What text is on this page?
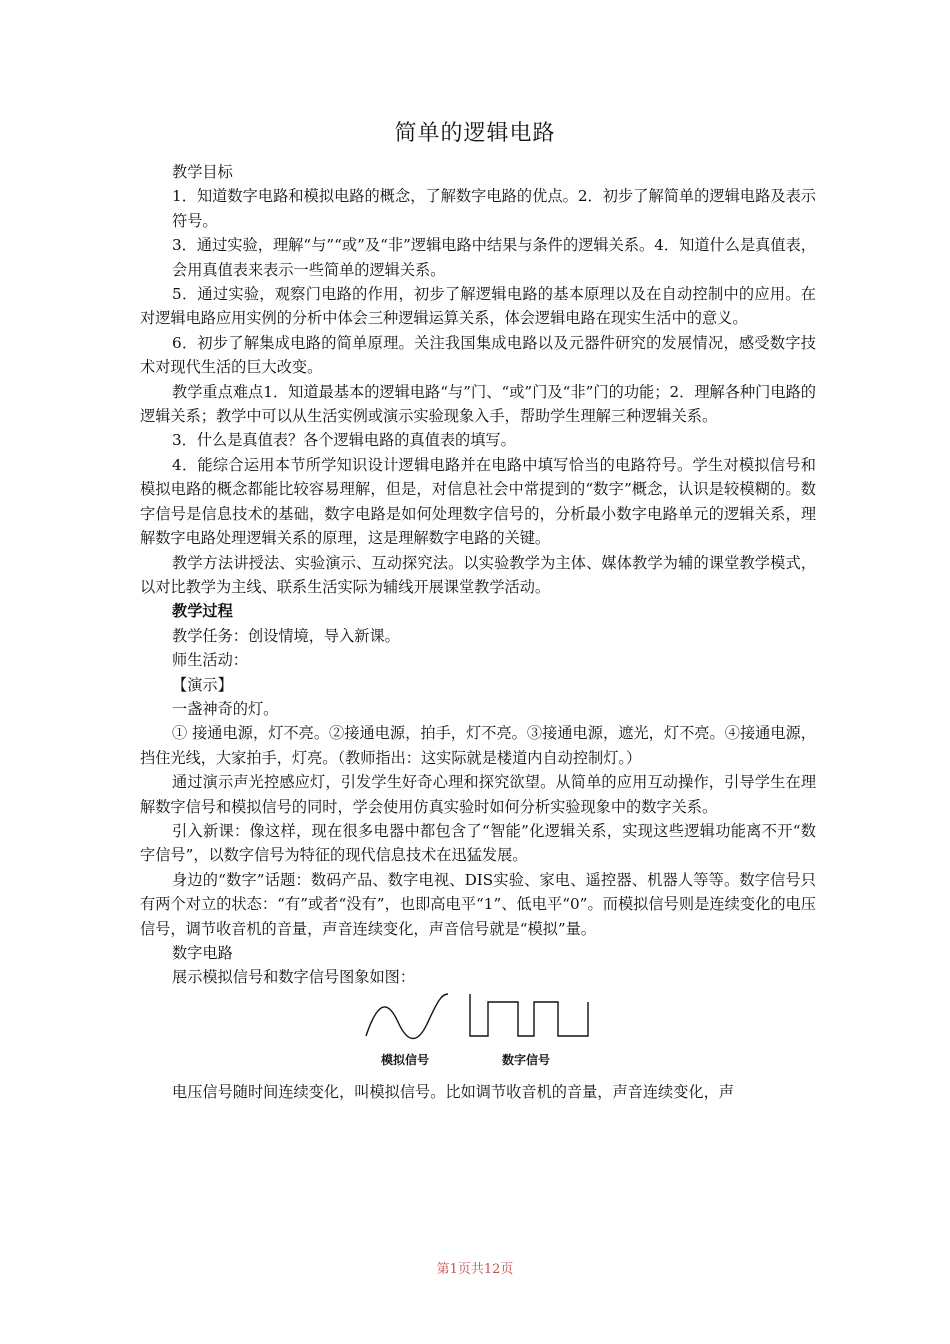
简单的逻辑电路

教学目标

1．知道数字电路和模拟电路的概念，了解数字电路的优点。2．初步了解简单的逻辑电路及表示符号。

3．通过实验，理解“与”“或”及“非”逻辑电路中结果与条件的逻辑关系。4．知道什么是真值表，会用真值表来表示一些简单的逻辑关系。

5．通过实验，观察门电路的作用，初步了解逻辑电路的基本原理以及在自动控制中的应用。在对逻辑电路应用实例的分析中体会三种逻辑运算关系，体会逻辑电路在现实生活中的意义。

6．初步了解集成电路的简单原理。关注我国集成电路以及元器件研究的发展情况，感受数字技术对现代生活的巨大改变。

教学重点难点1．知道最基本的逻辑电路“与”门、“或”门及“非”门的功能；2．理解各种门电路的逻辑关系；教学中可以从生活实例或演示实验现象入手，帮助学生理解三种逻辑关系。

3．什么是真值表？各个逻辑电路的真值表的填写。

4．能综合运用本节所学知识设计逻辑电路并在电路中填写恰当的电路符号。学生对模拟信号和模拟电路的概念都能比较容易理解，但是，对信息社会中常提到的“数字”概念，认识是较模糊的。数字信号是信息技术的基础，数字电路是如何处理数字信号的，分析最小数字电路单元的逻辑关系，理解数字电路处理逻辑关系的原理，这是理解数字电路的关键。

教学方法讲授法、实验演示、互动探究法。以实验教学为主体、媒体教学为辅的课堂教学模式，以对比教学为主线、联系生活实际为辅线开展课堂教学活动。

教学过程

教学任务：创设情境，导入新课。

师生活动：

【演示】

一盏神奇的灯。

① 接通电源，灯不亮。②接通电源，拍手，灯不亮。③接通电源，遮光，灯不亮。④接通电源，挡住光线，大家拍手，灯亮。（教师指出：这实际就是楼道内自动控制灯。）

通过演示声光控感应灯，引发学生好奇心理和探究欲望。从简单的应用互动操作，引导学生在理解数字信号和模拟信号的同时，学会使用仿真实验时如何分析实验现象中的数字关系。

引入新课：像这样，现在很多电器中都包含了“智能”化逻辑关系，实现这些逻辑功能离不开“数字信号”，以数字信号为特征的现代信息技术在迅猛发展。

身边的“数字”话题：数码产品、数字电视、DIS实验、家电、遥控器、机器人等等。数字信号只有两个对立的状态：“有”或者“没有”，也即高电平“1”、低电平“0”。而模拟信号则是连续变化的电压信号，调节收音机的音量，声音连续变化，声音信号就是“模拟”量。

数字电路

展示模拟信号和数字信号图象如图：

模拟信号	数字信号

电压信号随时间连续变化，叫模拟信号。比如调节收音机的音量，声音连续变化，声

第1页共12页
